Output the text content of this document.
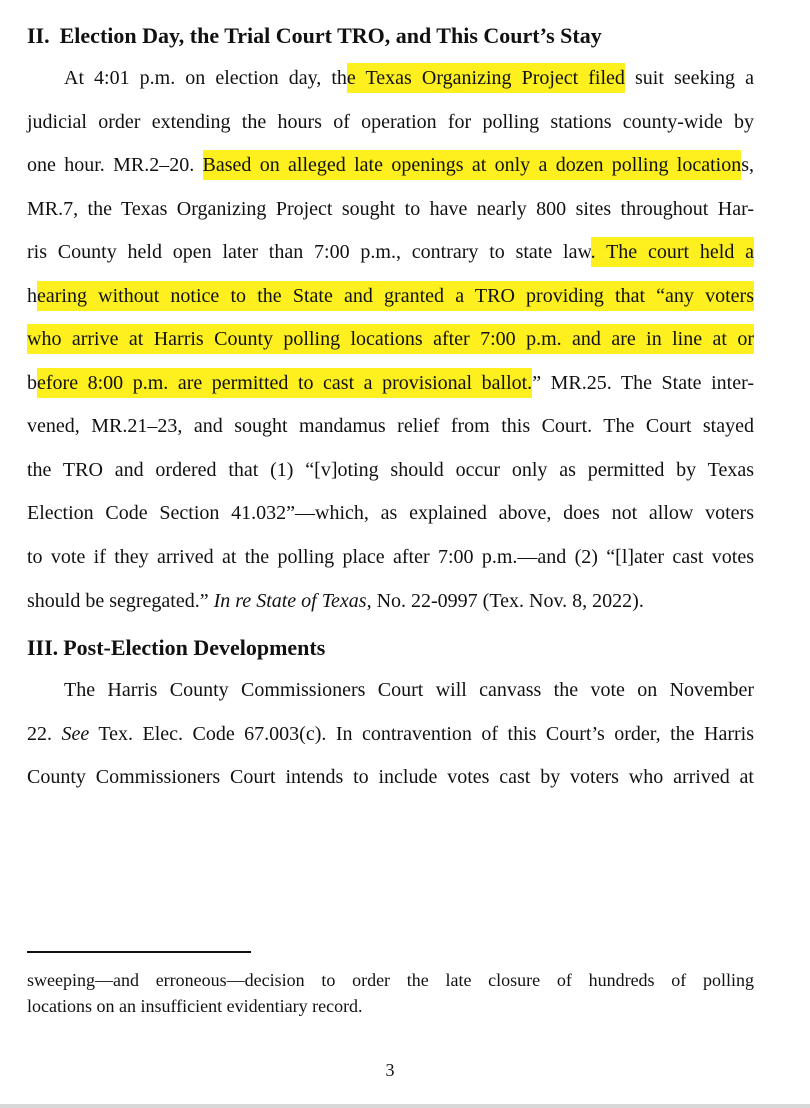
II. Election Day, the Trial Court TRO, and This Court’s Stay
At 4:01 p.m. on election day, the Texas Organizing Project filed suit seeking a
judicial order extending the hours of operation for polling stations county-wide by
one hour. MR.2–20. Based on alleged late openings at only a dozen polling locations,
MR.7, the Texas Organizing Project sought to have nearly 800 sites throughout Har-
ris County held open later than 7:00 p.m., contrary to state law. The court held a
hearing without notice to the State and granted a TRO providing that “any voters
who arrive at Harris County polling locations after 7:00 p.m. and are in line at or
before 8:00 p.m. are permitted to cast a provisional ballot.” MR.25. The State inter-
vened, MR.21–23, and sought mandamus relief from this Court. The Court stayed
the TRO and ordered that (1) “[v]oting should occur only as permitted by Texas
Election Code Section 41.032”—which, as explained above, does not allow voters
to vote if they arrived at the polling place after 7:00 p.m.—and (2) “[l]ater cast votes
should be segregated.” In re State of Texas, No. 22-0997 (Tex. Nov. 8, 2022).
III. Post-Election Developments
The Harris County Commissioners Court will canvass the vote on November
22. See Tex. Elec. Code 67.003(c). In contravention of this Court’s order, the Harris
County Commissioners Court intends to include votes cast by voters who arrived at
sweeping—and erroneous—decision to order the late closure of hundreds of polling
locations on an insufficient evidentiary record.
3
